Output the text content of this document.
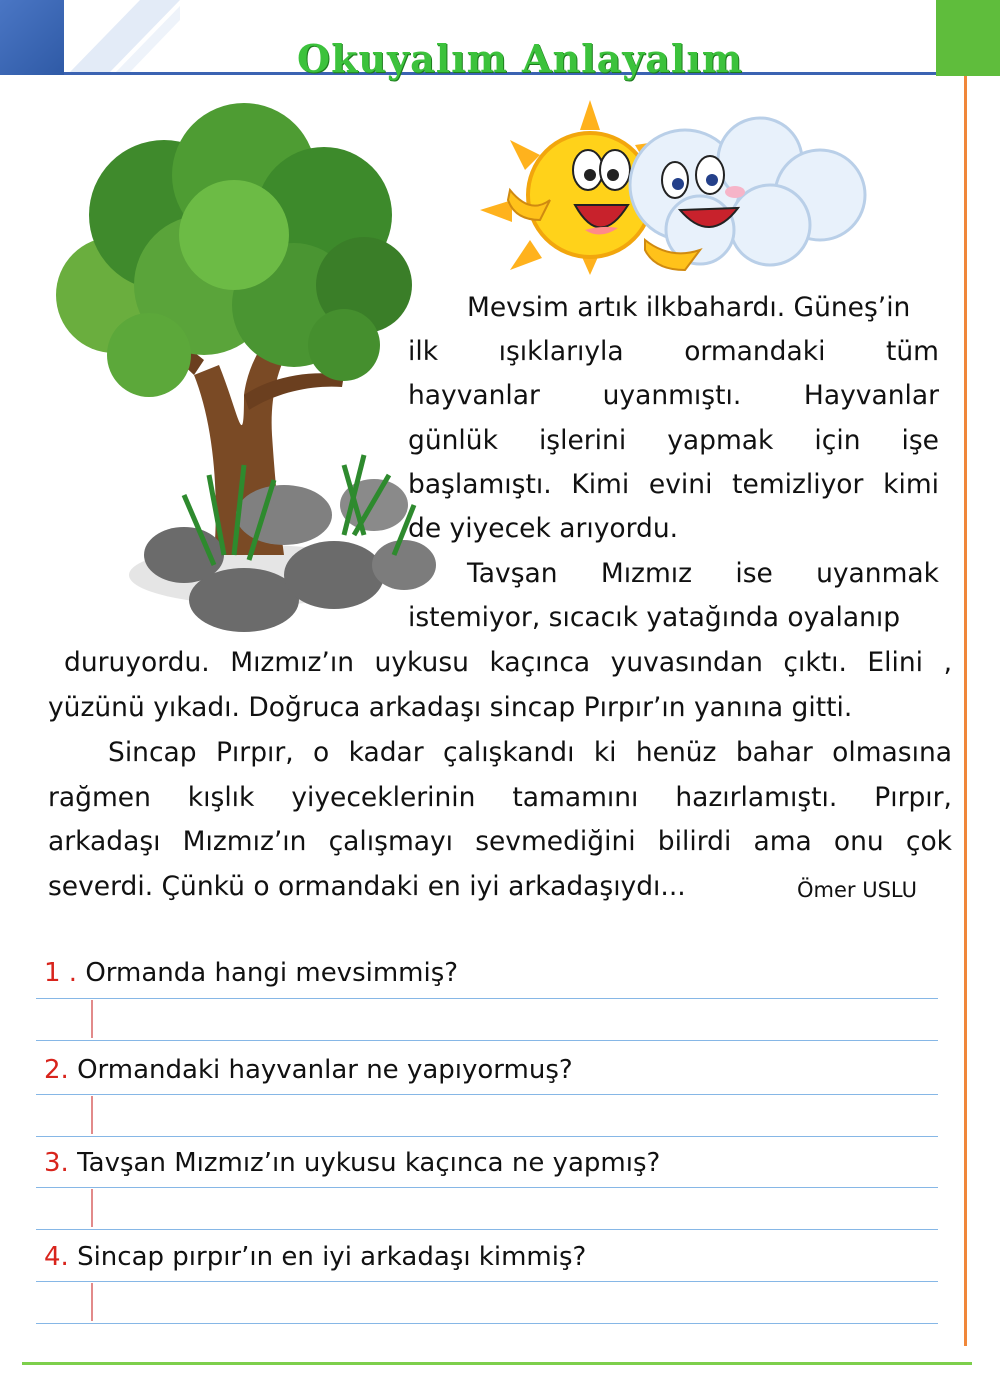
Okuyalım Anlayalım
Mevsim artık ilkbahardı. Güneş’in
ilk ışıklarıyla ormandaki tüm
hayvanlar uyanmıştı. Hayvanlar
günlük işlerini yapmak için işe
başlamıştı. Kimi evini temizliyor kimi
de yiyecek arıyordu.
Tavşan Mızmız ise uyanmak
istemiyor, sıcacık yatağında oyalanıp
duruyordu. Mızmız’ın uykusu kaçınca yuvasından çıktı. Elini ,
yüzünü yıkadı. Doğruca arkadaşı sincap Pırpır’ın yanına gitti.
Sincap Pırpır, o kadar çalışkandı ki henüz bahar olmasına
rağmen kışlık yiyeceklerinin tamamını hazırlamıştı. Pırpır,
arkadaşı Mızmız’ın çalışmayı sevmediğini bilirdi ama onu çok
severdi. Çünkü o ormandaki en iyi arkadaşıydı...	Ömer USLU
1 . Ormanda hangi mevsimmiş?
2. Ormandaki hayvanlar ne yapıyormuş?
3. Tavşan Mızmız’ın uykusu kaçınca ne yapmış?
4. Sincap pırpır’ın en iyi arkadaşı kimmiş?
